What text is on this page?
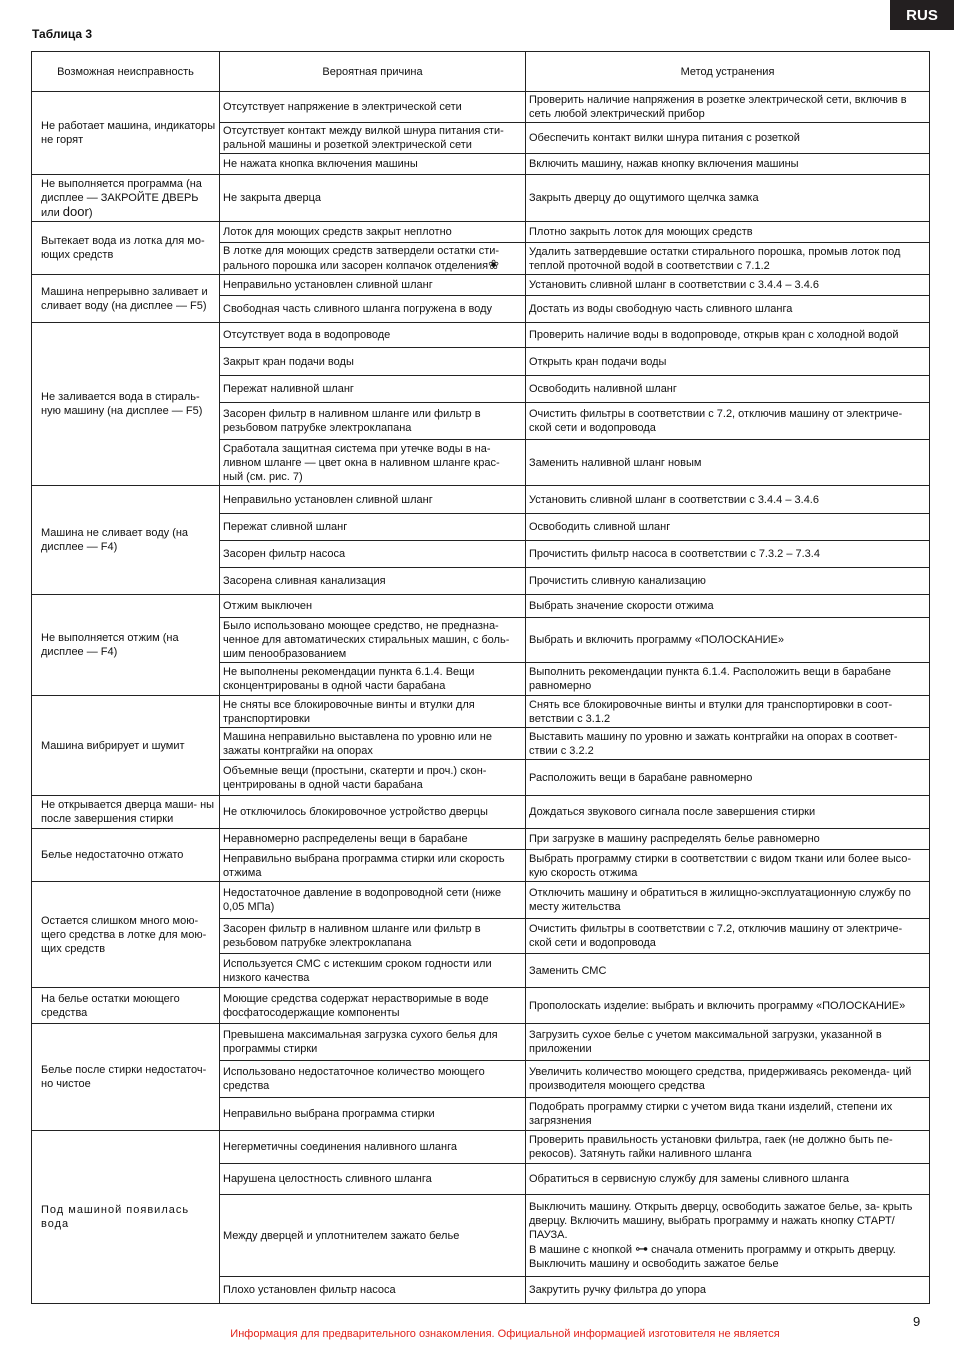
RUS
Таблица 3
Возможная неисправность	Вероятная причина	Метод устранения
Не работает машина, индикаторы не горят	Отсутствует напряжение в электрической сети	Проверить наличие напряжения в розетке электрической сети, включив в сеть любой электрический прибор
	Отсутствует контакт между вилкой шнура питания сти- ральной машины и розеткой электрической сети	Обеспечить контакт вилки шнура питания с розеткой
	Не нажата кнопка включения машины	Включить машину, нажав кнопку включения машины
Не выполняется программа (на дисплее — ЗАКРОЙТЕ ДВЕРЬ или door)	Не закрыта дверца	Закрыть дверцу до ощутимого щелчка замка
Вытекает вода из лотка для мо- ющих средств	Лоток для моющих средств закрыт неплотно	Плотно закрыть лоток для моющих средств
	В лотке для моющих средств затвердели остатки сти- рального порошка или засорен колпачок отделения❀	Удалить затвердевшие остатки стирального порошка, промыв лоток под теплой проточной водой в соответствии с 7.1.2
Машина непрерывно заливает и сливает воду (на дисплее — F5)	Неправильно установлен сливной шланг	Установить сливной шланг в соответствии с 3.4.4 – 3.4.6
	Свободная часть сливного шланга погружена в воду	Достать из воды свободную часть сливного шланга
Не заливается вода в стираль- ную машину (на дисплее — F5)	Отсутствует вода в водопроводе	Проверить наличие воды в водопроводе, открыв кран с холодной водой
	Закрыт кран подачи воды	Открыть кран подачи воды
	Пережат наливной шланг	Освободить наливной шланг
	Засорен фильтр в наливном шланге или фильтр в резьбовом патрубке электроклапана	Очистить фильтры в соответствии с 7.2, отключив машину от электриче- ской сети и водопровода
	Сработала защитная система при утечке воды в на- ливном шланге — цвет окна в наливном шланге крас- ный (см. рис. 7)	Заменить наливной шланг новым
Машина не сливает воду (на дисплее — F4)	Неправильно установлен сливной шланг	Установить сливной шланг в соответствии с 3.4.4 – 3.4.6
	Пережат сливной шланг	Освободить сливной шланг
	Засорен фильтр насоса	Прочистить фильтр насоса в соответствии с 7.3.2 – 7.3.4
	Засорена сливная канализация	Прочистить сливную канализацию
Не выполняется отжим (на дисплее — F4)	Отжим выключен	Выбрать значение скорости отжима
	Было использовано моющее средство, не предназна- ченное для автоматических стиральных машин, с боль- шим пенообразованием	Выбрать и включить программу «ПОЛОСКАНИЕ»
	Не выполнены рекомендации пункта 6.1.4. Вещи сконцентрированы в одной части барабана	Выполнить рекомендации пункта 6.1.4. Расположить вещи в барабане равномерно
Машина вибрирует и шумит	Не сняты все блокировочные винты и втулки для транспортировки	Снять все блокировочные винты и втулки для транспортировки в соот- ветствии с 3.1.2
	Машина неправильно выставлена по уровню или не зажаты контргайки на опорах	Выставить машину по уровню и зажать контргайки на опорах в соответ- ствии с 3.2.2
	Объемные вещи (простыни, скатерти и проч.) скон- центрированы в одной части барабана	Расположить вещи в барабане равномерно
Не открывается дверца маши- ны после завершения стирки	Не отключилось блокировочное устройство дверцы	Дождаться звукового сигнала после завершения стирки
Белье недостаточно отжато	Неравномерно распределены вещи в барабане	При загрузке в машину распределять белье равномерно
	Неправильно выбрана программа стирки или скорость отжима	Выбрать программу стирки в соответствии с видом ткани или более высо- кую скорость отжима
Остается слишком много мою- щего средства в лотке для мою- щих средств	Недостаточное давление в водопроводной сети (ниже 0,05 МПа)	Отключить машину и обратиться в жилищно-эксплуатационную службу по месту жительства
	Засорен фильтр в наливном шланге или фильтр в резьбовом патрубке электроклапана	Очистить фильтры в соответствии с 7.2, отключив машину от электриче- ской сети и водопровода
	Используется СМС с истекшим сроком годности или низкого качества	Заменить СМС
На белье остатки моющего средства	Моющие средства содержат нерастворимые в воде фосфатосодержащие компоненты	Прополоскать изделие: выбрать и включить программу «ПОЛОСКАНИЕ»
Белье после стирки недостаточ- но чистое	Превышена максимальная загрузка сухого белья для программы стирки	Загрузить сухое белье с учетом максимальной загрузки, указанной в приложении
	Использовано недостаточное количество моющего средства	Увеличить количество моющего средства, придерживаясь рекоменда- ций производителя моющего средства
	Неправильно выбрана программа стирки	Подобрать программу стирки с учетом вида ткани изделий, степени их загрязнения
Под машиной появилась вода	Негерметичны соединения наливного шланга	Проверить правильность установки фильтра, гаек (не должно быть пе- рекосов). Затянуть гайки наливного шланга
	Нарушена целостность сливного шланга	Обратиться в сервисную службу для замены сливного шланга
	Между дверцей и уплотнителем зажато белье	Выключить машину. Открыть дверцу, освободить зажатое белье, за- крыть дверцу. Включить машину, выбрать программу и нажать кнопку СТАРТ/ПАУЗА.
В машине с кнопкой ⊶ сначала отменить программу и открыть дверцу. Выключить машину и освободить зажатое белье
	Плохо установлен фильтр насоса	Закрутить ручку фильтра до упора
9
Информация для предварительного ознакомления. Официальной информацией изготовителя не является
